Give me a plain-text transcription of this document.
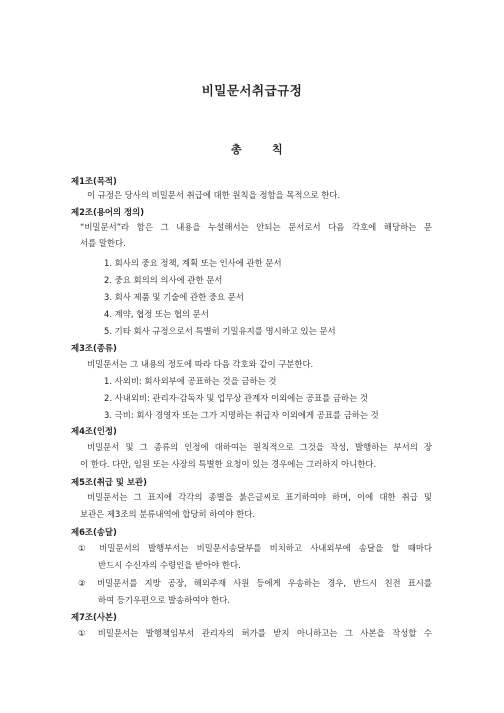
비밀문서취급규정
총	칙
제1조(목적)
이 규정은 당사의 비밀문서 취급에 대한 원칙을 정함을 목적으로 한다.
제2조(용어의 정의)
“비밀문서”라 함은 그 내용을 누설해서는 안되는 문서로서 다음 각호에 해당하는 문
서를 말한다.
1. 회사의 중요 정책, 계획 또는 인사에 관한 문서
2. 중요 회의의 의사에 관한 문서
3. 회사 제품 및 기술에 관한 중요 문서
4. 계약, 협정 또는 협의 문서
5. 기타 회사 규정으로서 특별히 기밀유지를 명시하고 있는 문서
제3조(종류)
비밀문서는 그 내용의 정도에 따라 다음 각호와 같이 구분한다.
1. 사외비: 회사외부에 공표하는 것을 금하는 것
2. 사내외비: 관리자·감독자 및 업무상 관계자 이외에는 공표를 금하는 것
3. 극비: 회사 경영자 또는 그가 지명하는 취급자 이외에게 공표를 금하는 것
제4조(인정)
비밀문서 및 그 종류의 인정에 대하여는 원칙적으로 그것을 작성, 발행하는 부서의 장
이 한다. 다만, 임원 또는 사장의 특별한 요청이 있는 경우에는 그러하지 아니한다.
제5조(취급 및 보관)
비밀문서는 그 표지에 각각의 종별을 붉은글씨로 표기하여야 하며, 이에 대한 취급 및
보관은 제3조의 분류내역에 합당히 하여야 한다.
제6조(송달)
① 비밀문서의 발행부서는 비밀문서송달부를 비치하고 사내외부에 송달을 할 때마다
반드시 수신자의 수령인을 받아야 한다.
② 비밀문서를 지방 공장, 해외주재 사원 등에게 우송하는 경우, 반드시 친전 표시를
하여 등기우편으로 발송하여야 한다.
제7조(사본)
① 비밀문서는 발행책임부서 관리자의 허가를 받지 아니하고는 그 사본을 작성할 수
